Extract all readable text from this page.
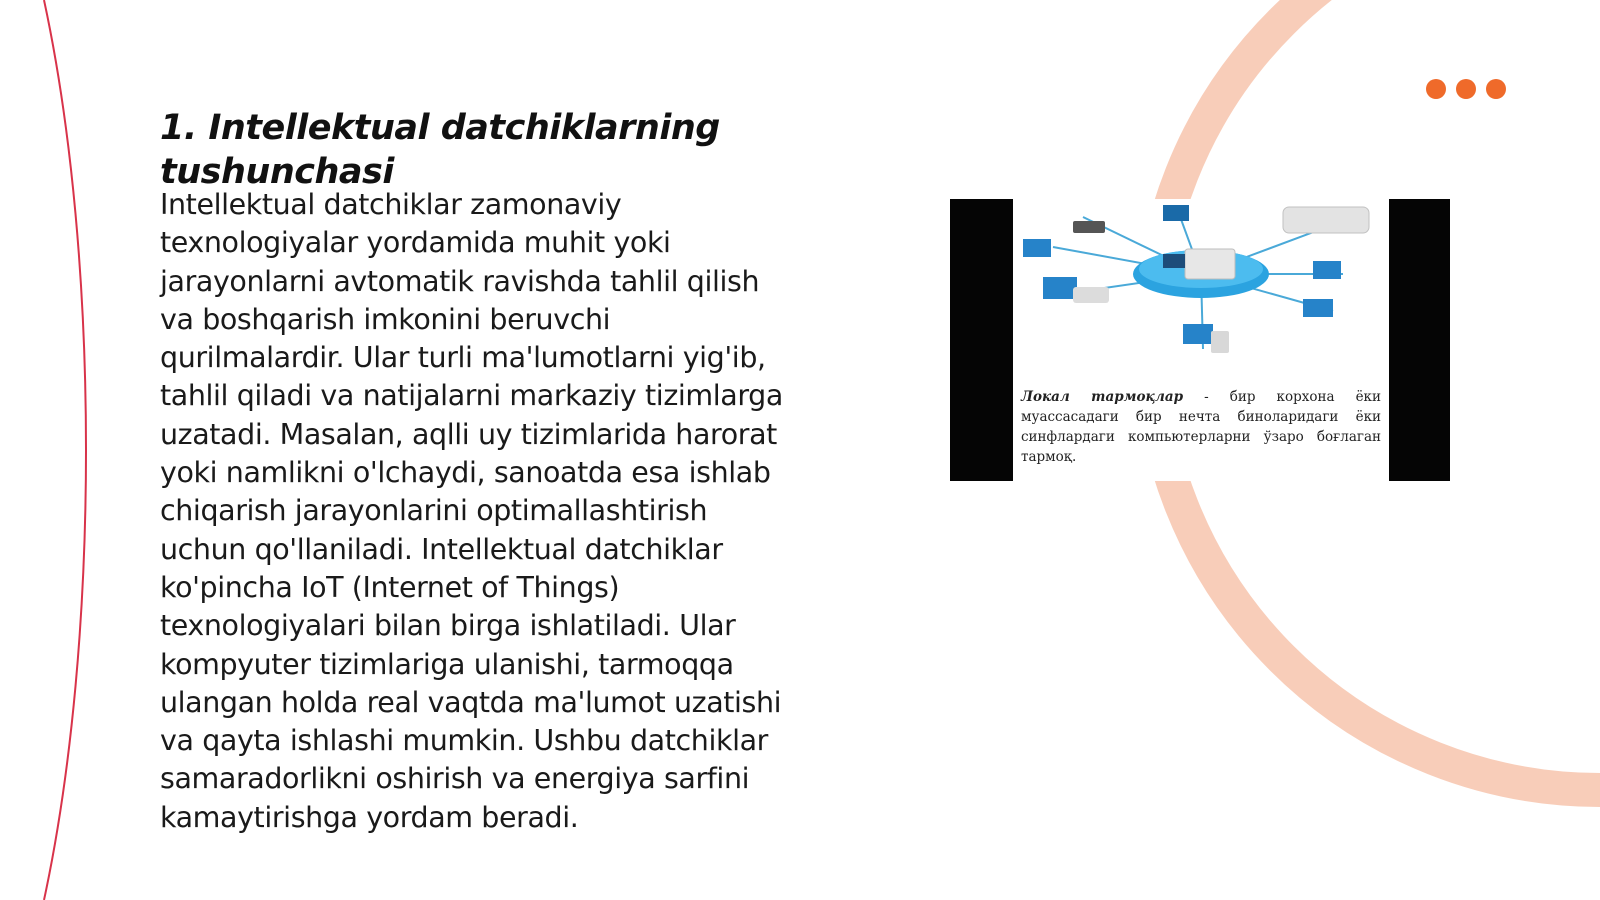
1. Intellektual datchiklarning tushunchasi

Intellektual datchiklar zamonaviy
texnologiyalar yordamida muhit yoki
jarayonlarni avtomatik ravishda tahlil qilish
va boshqarish imkonini beruvchi
qurilmalardir. Ular turli ma'lumotlarni yig'ib,
tahlil qiladi va natijalarni markaziy tizimlarga
uzatadi. Masalan, aqlli uy tizimlarida harorat
yoki namlikni o'lchaydi, sanoatda esa ishlab
chiqarish jarayonlarini optimallashtirish
uchun qo'llaniladi. Intellektual datchiklar
ko'pincha IoT (Internet of Things)
texnologiyalari bilan birga ishlatiladi. Ular
kompyuter tizimlariga ulanishi, tarmoqqa
ulangan holda real vaqtda ma'lumot uzatishi
va qayta ishlashi mumkin. Ushbu datchiklar
samaradorlikni oshirish va energiya sarfini
kamaytirishga yordam beradi.

Локал тармоқлар - бир корхона ёки муассасадаги бир нечта биноларидаги ёки синфлардаги компьютерларни ўзаро боғлаган тармоқ.
